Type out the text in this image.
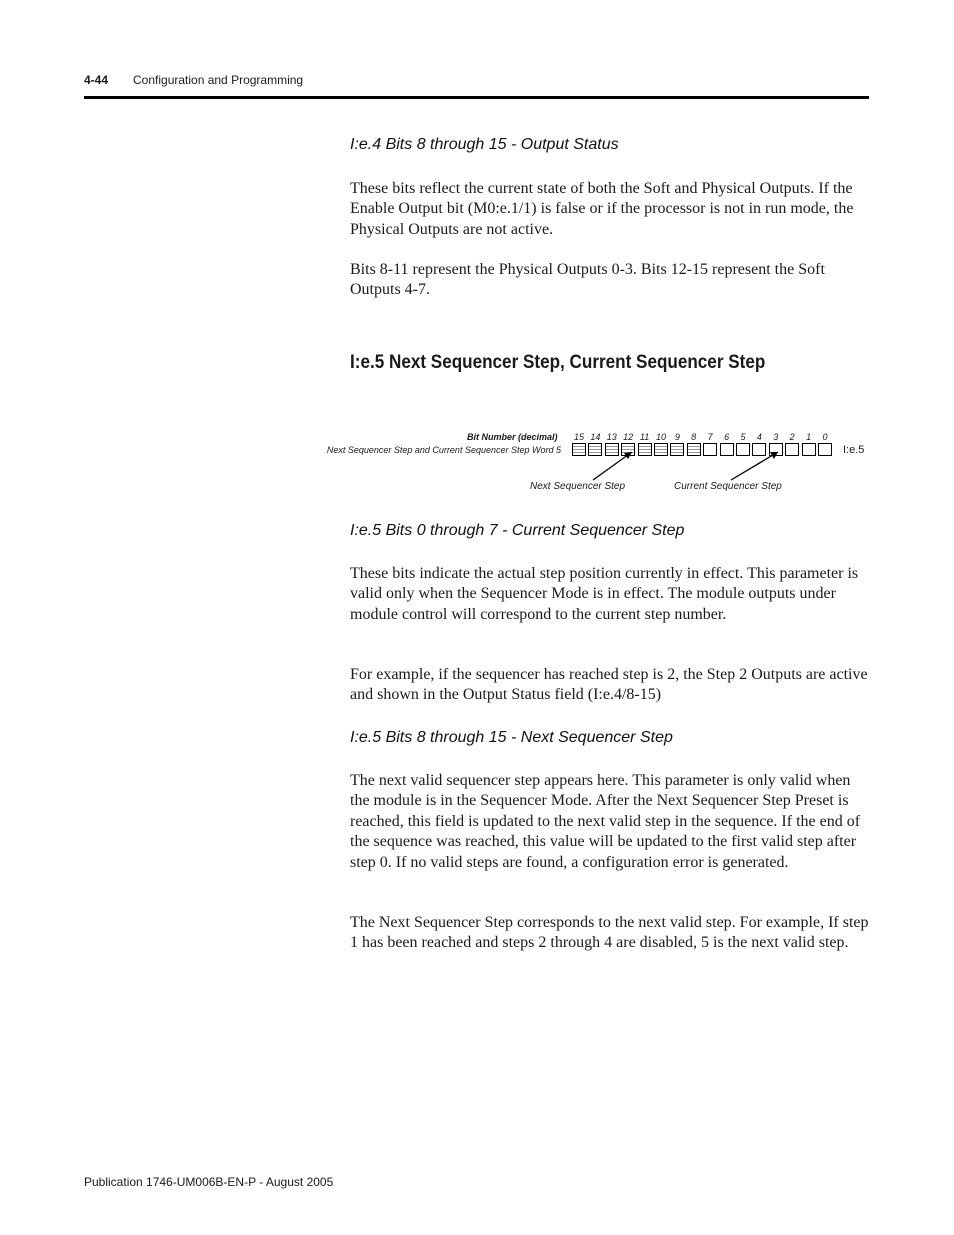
4-44 Configuration and Programming
I:e.4 Bits 8 through 15 - Output Status

These bits reflect the current state of both the Soft and Physical Outputs. If the Enable Output bit (M0:e.1/1) is false or if the processor is not in run mode, the Physical Outputs are not active.

Bits 8-11 represent the Physical Outputs 0-3. Bits 12-15 represent the Soft Outputs 4-7.

I:e.5 Next Sequencer Step, Current Sequencer Step
Bit Number (decimal)
Next Sequencer Step and Current Sequencer Step Word 5
15 14 13 12 11 10 9	8	7	6	5	4	3	2	1	0
I:e.5
Next Sequencer Step	Current Sequencer Step
I:e.5 Bits 0 through 7 - Current Sequencer Step

These bits indicate the actual step position currently in effect. This parameter is valid only when the Sequencer Mode is in effect. The module outputs under module control will correspond to the current step number.

For example, if the sequencer has reached step is 2, the Step 2 Outputs are active and shown in the Output Status field (I:e.4/8-15)

I:e.5 Bits 8 through 15 - Next Sequencer Step

The next valid sequencer step appears here. This parameter is only valid when the module is in the Sequencer Mode. After the Next Sequencer Step Preset is reached, this field is updated to the next valid step in the sequence. If the end of the sequence was reached, this value will be updated to the first valid step after step 0. If no valid steps are found, a configuration error is generated.

The Next Sequencer Step corresponds to the next valid step. For example, If step 1 has been reached and steps 2 through 4 are disabled, 5 is the next valid step.

Publication 1746-UM006B-EN-P - August 2005
